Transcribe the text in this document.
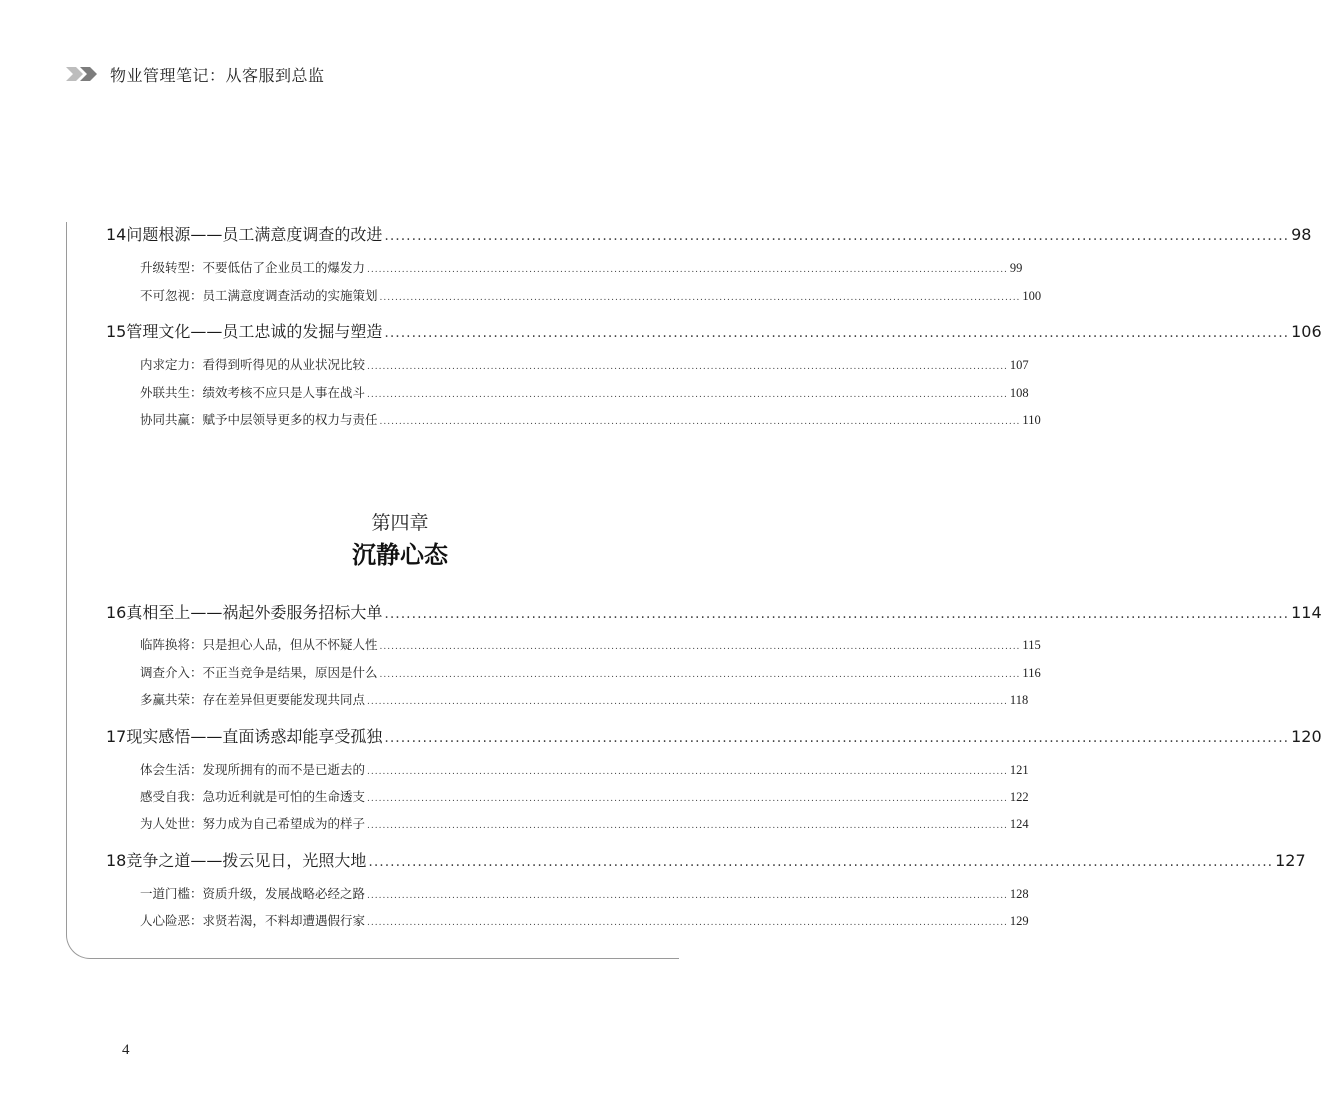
物业管理笔记：从客服到总监
14 问题根源——员工满意度调查的改进 ...................................................................................................................................................................... 98
升级转型：不要低估了企业员工的爆发力 ...................................................................................................................................................................... 99
不可忽视：员工满意度调查活动的实施策划 ...................................................................................................................................................................... 100
15 管理文化——员工忠诚的发掘与塑造 ...................................................................................................................................................................... 106
内求定力：看得到听得见的从业状况比较 ...................................................................................................................................................................... 107
外联共生：绩效考核不应只是人事在战斗 ...................................................................................................................................................................... 108
协同共赢：赋予中层领导更多的权力与责任 ...................................................................................................................................................................... 110
第四章
沉静心态
16 真相至上——祸起外委服务招标大单 ...................................................................................................................................................................... 114
临阵换将：只是担心人品，但从不怀疑人性 ...................................................................................................................................................................... 115
调查介入：不正当竞争是结果，原因是什么 ...................................................................................................................................................................... 116
多赢共荣：存在差异但更要能发现共同点 ...................................................................................................................................................................... 118
17 现实感悟——直面诱惑却能享受孤独 ...................................................................................................................................................................... 120
体会生活：发现所拥有的而不是已逝去的 ...................................................................................................................................................................... 121
感受自我：急功近利就是可怕的生命透支 ...................................................................................................................................................................... 122
为人处世：努力成为自己希望成为的样子 ...................................................................................................................................................................... 124
18 竞争之道——拨云见日，光照大地 ...................................................................................................................................................................... 127
一道门槛：资质升级，发展战略必经之路 ...................................................................................................................................................................... 128
人心险恶：求贤若渴，不料却遭遇假行家 ...................................................................................................................................................................... 129
4
